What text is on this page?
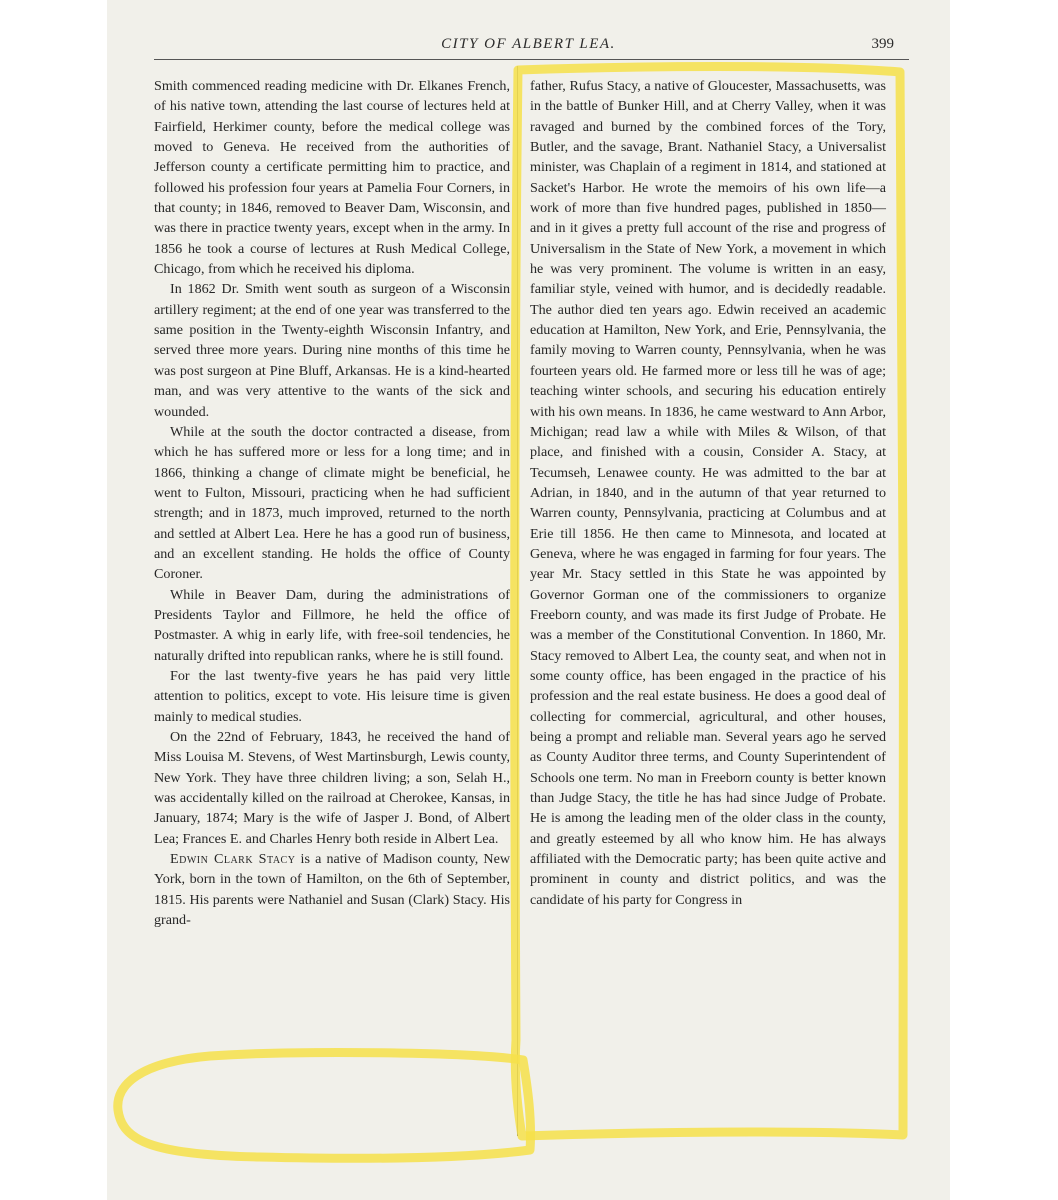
CITY OF ALBERT LEA.	399

Smith commenced reading medicine with Dr. Elkanes French, of his native town, attending the last course of lectures held at Fairfield, Herkimer county, before the medical college was moved to Geneva. He received from the authorities of Jefferson county a certificate permitting him to practice, and followed his profession four years at Pamelia Four Corners, in that county; in 1846, removed to Beaver Dam, Wisconsin, and was there in practice twenty years, except when in the army. In 1856 he took a course of lectures at Rush Medical College, Chicago, from which he received his diploma.

In 1862 Dr. Smith went south as surgeon of a Wisconsin artillery regiment; at the end of one year was transferred to the same position in the Twenty-eighth Wisconsin Infantry, and served three more years. During nine months of this time he was post surgeon at Pine Bluff, Arkansas. He is a kind-hearted man, and was very attentive to the wants of the sick and wounded.

While at the south the doctor contracted a disease, from which he has suffered more or less for a long time; and in 1866, thinking a change of climate might be beneficial, he went to Fulton, Missouri, practicing when he had sufficient strength; and in 1873, much improved, returned to the north and settled at Albert Lea. Here he has a good run of business, and an excellent standing. He holds the office of County Coroner.

While in Beaver Dam, during the administrations of Presidents Taylor and Fillmore, he held the office of Postmaster. A whig in early life, with free-soil tendencies, he naturally drifted into republican ranks, where he is still found.

For the last twenty-five years he has paid very little attention to politics, except to vote. His leisure time is given mainly to medical studies.

On the 22nd of February, 1843, he received the hand of Miss Louisa M. Stevens, of West Martinsburgh, Lewis county, New York. They have three children living; a son, Selah H., was accidentally killed on the railroad at Cherokee, Kansas, in January, 1874; Mary is the wife of Jasper J. Bond, of Albert Lea; Frances E. and Charles Henry both reside in Albert Lea.

Edwin Clark Stacy is a native of Madison county, New York, born in the town of Hamilton, on the 6th of September, 1815. His parents were Nathaniel and Susan (Clark) Stacy. His grand-

father, Rufus Stacy, a native of Gloucester, Massachusetts, was in the battle of Bunker Hill, and at Cherry Valley, when it was ravaged and burned by the combined forces of the Tory, Butler, and the savage, Brant. Nathaniel Stacy, a Universalist minister, was Chaplain of a regiment in 1814, and stationed at Sacket's Harbor. He wrote the memoirs of his own life—a work of more than five hundred pages, published in 1850—and in it gives a pretty full account of the rise and progress of Universalism in the State of New York, a movement in which he was very prominent. The volume is written in an easy, familiar style, veined with humor, and is decidedly readable. The author died ten years ago. Edwin received an academic education at Hamilton, New York, and Erie, Pennsylvania, the family moving to Warren county, Pennsylvania, when he was fourteen years old. He farmed more or less till he was of age; teaching winter schools, and securing his education entirely with his own means. In 1836, he came westward to Ann Arbor, Michigan; read law a while with Miles & Wilson, of that place, and finished with a cousin, Consider A. Stacy, at Tecumseh, Lenawee county. He was admitted to the bar at Adrian, in 1840, and in the autumn of that year returned to Warren county, Pennsylvania, practicing at Columbus and at Erie till 1856. He then came to Minnesota, and located at Geneva, where he was engaged in farming for four years. The year Mr. Stacy settled in this State he was appointed by Governor Gorman one of the commissioners to organize Freeborn county, and was made its first Judge of Probate. He was a member of the Constitutional Convention. In 1860, Mr. Stacy removed to Albert Lea, the county seat, and when not in some county office, has been engaged in the practice of his profession and the real estate business. He does a good deal of collecting for commercial, agricultural, and other houses, being a prompt and reliable man. Several years ago he served as County Auditor three terms, and County Superintendent of Schools one term. No man in Freeborn county is better known than Judge Stacy, the title he has had since Judge of Probate. He is among the leading men of the older class in the county, and greatly esteemed by all who know him. He has always affiliated with the Democratic party; has been quite active and prominent in county and district politics, and was the candidate of his party for Congress in
